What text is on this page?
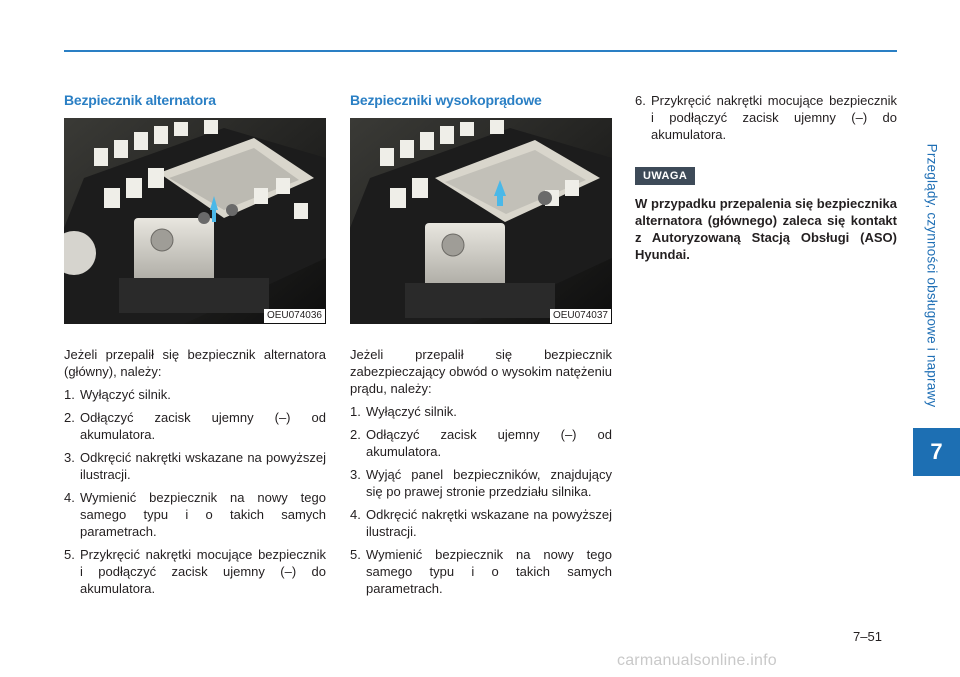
Przeglądy, czynności obsługowe i naprawy
7
Bezpiecznik alternatora
OEU074036

Jeżeli przepalił się bezpiecznik alternatora (główny), należy:

1. Wyłączyć silnik.
2. Odłączyć zacisk ujemny (–) od akumulatora.
3. Odkręcić nakrętki wskazane na powyższej ilustracji.
4. Wymienić bezpiecznik na nowy tego samego typu i o takich samych parametrach.
5. Przykręcić nakrętki mocujące bezpiecznik i podłączyć zacisk ujemny (–) do akumulatora.
Bezpieczniki wysokoprądowe
OEU074037

Jeżeli przepalił się bezpiecznik zabezpieczający obwód o wysokim natężeniu prądu, należy:

1. Wyłączyć silnik.
2. Odłączyć zacisk ujemny (–) od akumulatora.
3. Wyjąć panel bezpieczników, znajdujący się po prawej stronie przedziału silnika.
4. Odkręcić nakrętki wskazane na powyższej ilustracji.
5. Wymienić bezpiecznik na nowy tego samego typu i o takich samych parametrach.
6. Przykręcić nakrętki mocujące bezpiecznik i podłączyć zacisk ujemny (–) do akumulatora.
UWAGA

W przypadku przepalenia się bezpiecznika alternatora (głównego) zaleca się kontakt z Autoryzowaną Stacją Obsługi (ASO) Hyundai.

7–51
carmanualsonline.info
